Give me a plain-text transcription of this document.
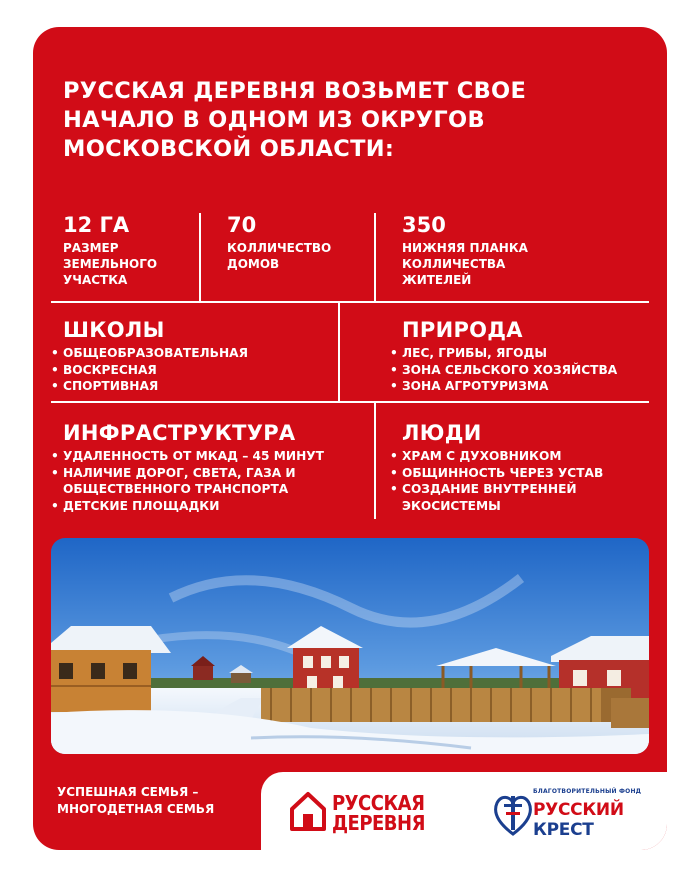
РУССКАЯ ДЕРЕВНЯ ВОЗЬМЕТ СВОЕ
НАЧАЛО В ОДНОМ ИЗ ОКРУГОВ
МОСКОВСКОЙ ОБЛАСТИ:
12 ГА
РАЗМЕР
ЗЕМЕЛЬНОГО
УЧАСТКА
70
КОЛЛИЧЕСТВО
ДОМОВ
350
НИЖНЯЯ ПЛАНКА
КОЛЛИЧЕСТВА
ЖИТЕЛЕЙ
ШКОЛЫ
• ОБЩЕОБРАЗОВАТЕЛЬНАЯ
• ВОСКРЕСНАЯ
• СПОРТИВНАЯ
ПРИРОДА
• ЛЕС, ГРИБЫ, ЯГОДЫ
• ЗОНА СЕЛЬСКОГО ХОЗЯЙСТВА
• ЗОНА АГРОТУРИЗМА
ИНФРАСТРУКТУРА
• УДАЛЕННОСТЬ ОТ МКАД – 45 МИНУТ
• НАЛИЧИЕ ДОРОГ, СВЕТА, ГАЗА И
ОБЩЕСТВЕННОГО ТРАНСПОРТА
• ДЕТСКИЕ ПЛОЩАДКИ
ЛЮДИ
• ХРАМ С ДУХОВНИКОМ
• ОБЩИННОСТЬ ЧЕРЕЗ УСТАВ
• СОЗДАНИЕ ВНУТРЕННЕЙ
ЭКОСИСТЕМЫ
УСПЕШНАЯ СЕМЬЯ –
МНОГОДЕТНАЯ СЕМЬЯ	РУССКАЯ
ДЕРЕВНЯ
БЛАГОТВОРИТЕЛЬНЫЙ ФОНД
РУССКИЙ КРЕСТ
